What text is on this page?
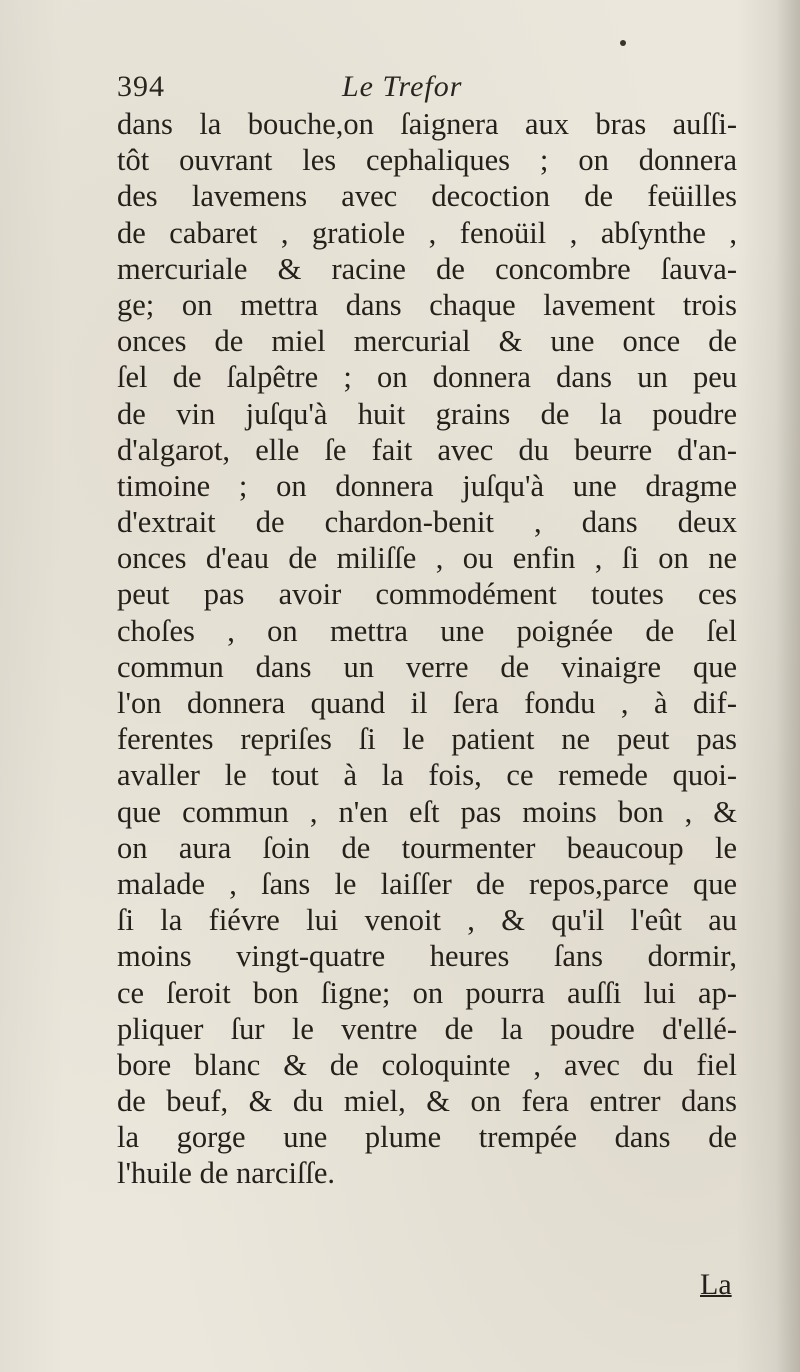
394	Le Trefor
dans la bouche,on ſaignera aux bras auſſi-
tôt ouvrant les cephaliques ; on donnera
des lavemens avec decoction de feüilles
de cabaret , gratiole , fenoüil , abſynthe ,
mercuriale & racine de concombre ſauva-
ge; on mettra dans chaque lavement trois
onces de miel mercurial & une once de
ſel de ſalpêtre ; on donnera dans un peu
de vin juſqu'à huit grains de la poudre
d'algarot, elle ſe fait avec du beurre d'an-
timoine ; on donnera juſqu'à une dragme
d'extrait de chardon-benit , dans deux
onces d'eau de miliſſe , ou enfin , ſi on ne
peut pas avoir commodément toutes ces
choſes , on mettra une poignée de ſel
commun dans un verre de vinaigre que
l'on donnera quand il ſera fondu , à dif-
ferentes repriſes ſi le patient ne peut pas
avaller le tout à la fois, ce remede quoi-
que commun , n'en eſt pas moins bon , &
on aura ſoin de tourmenter beaucoup le
malade , ſans le laiſſer de repos,parce que
ſi la fiévre lui venoit , & qu'il l'eût au
moins vingt-quatre heures ſans dormir,
ce ſeroit bon ſigne; on pourra auſſi lui ap-
pliquer ſur le ventre de la poudre d'ellé-
bore blanc & de coloquinte , avec du fiel
de beuf, & du miel, & on fera entrer dans
la gorge une plume trempée dans de
l'huile de narciſſe.
La
